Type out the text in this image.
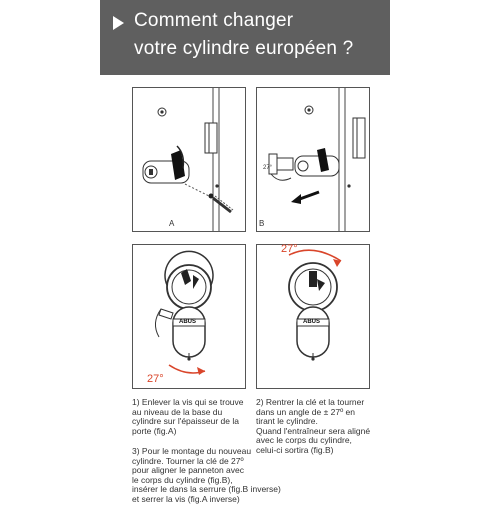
Comment changer
votre cylindre européen ?
A
27°
B
ABUS
27°
27°
ABUS
1) Enlever la vis qui se trouve
au niveau de la base du
cylindre sur l'épaisseur de la
porte (fig.A)
2) Rentrer la clé et la tourner
dans un angle de ± 27º en
tirant le cylindre.
Quand l'entraîneur sera aligné
avec le corps du cylindre,
celui-ci sortira (fig.B)
3) Pour le montage du nouveau
cylindre. Tourner la clé de 27º
pour aligner le panneton avec
le corps du cylindre (fig.B),
insérer le dans la serrure (fig.B inverse)
et serrer la vis (fig.A inverse)
